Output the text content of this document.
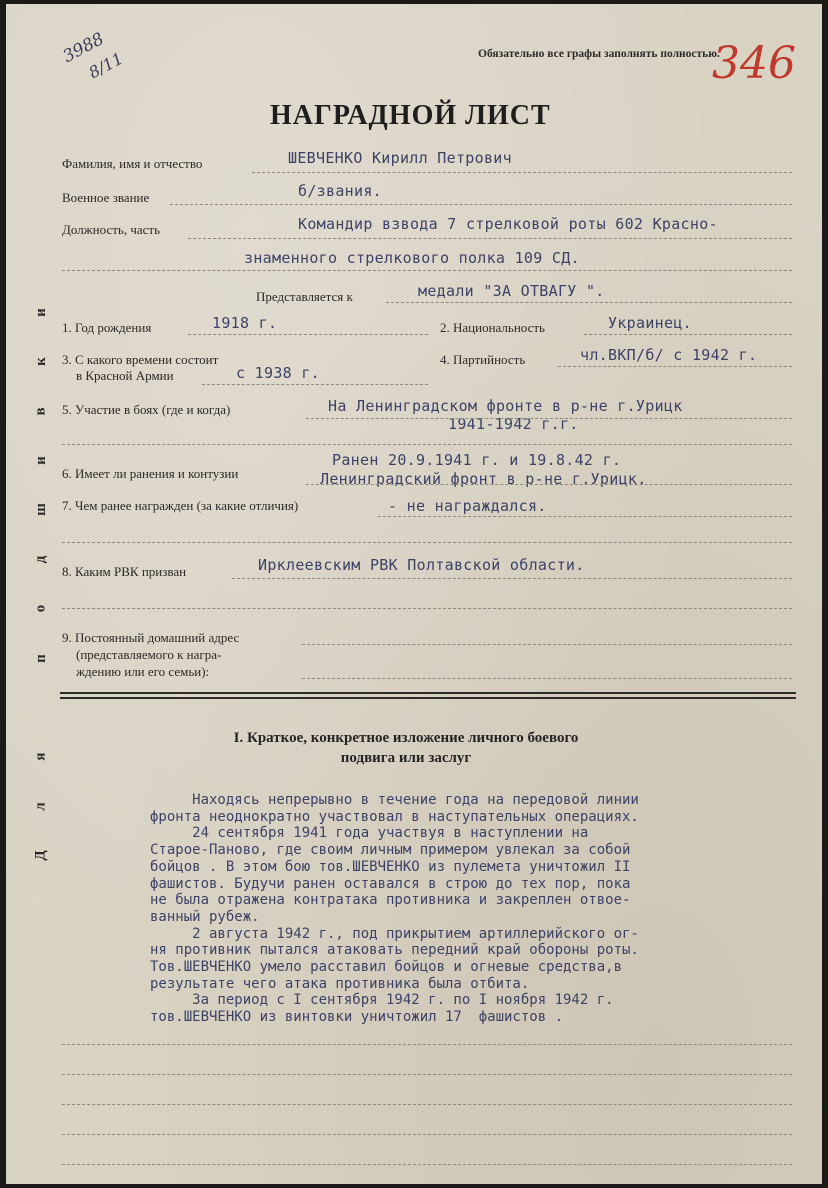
3988
8/11	Обязательно все графы заполнять полностью.
346
НАГРАДНОЙ ЛИСТ
Фамилия, имя и отчество	ШЕВЧЕНКО Кирилл Петрович
Военное звание	б/звания.
Должность, часть	Командир взвода 7 стрелковой роты 602 Красно-
знаменного стрелкового полка 109 СД.
Представляется к	медали "ЗА ОТВАГУ ".
Д
л
я

п
о
д
ш
и
в
к
и
1. Год рождения	1918 г.	2. Национальность	Украинец.
3. С какого времени состоит
в Красной Армии	с 1938 г.
4. Партийность	чл.ВКП/б/ с 1942 г.
5. Участие в боях (где и когда)	На Ленинградском фронте в р-не г.Урицк
1941-1942 г.г.
6. Имеет ли ранения и контузии
Ранен 20.9.1941 г. и 19.8.42 г.
Ленинградский фронт в р-не г.Урицк.
7. Чем ранее награжден (за какие отличия)	- не награждался.
8. Каким РВК призван	Ирклеевским РВК Полтавской области.
9. Постоянный домашний адрес
(представляемого к награ-
ждению или его семьи):
I. Краткое, конкретное изложение личного боевого
подвига или заслуг
Находясь непрерывно в течение года на передовой линии
фронта неоднократно участвовал в наступательных операциях.
24 сентября 1941 года участвуя в наступлении на
Старое-Паново, где своим личным примером увлекал за собой
бойцов . В этом бою тов.ШЕВЧЕНКО из пулемета уничтожил II
фашистов. Будучи ранен оставался в строю до тех пор, пока
не была отражена контратака противника и закреплен отвое-
ванный рубеж.
2 августа 1942 г., под прикрытием артиллерийского ог-
ня противник пытался атаковать передний край обороны роты.
Тов.ШЕВЧЕНКО умело расставил бойцов и огневые средства,в
результате чего атака противника была отбита.
За период с I сентября 1942 г. по I ноября 1942 г.
тов.ШЕВЧЕНКО из винтовки уничтожил 17  фашистов .
